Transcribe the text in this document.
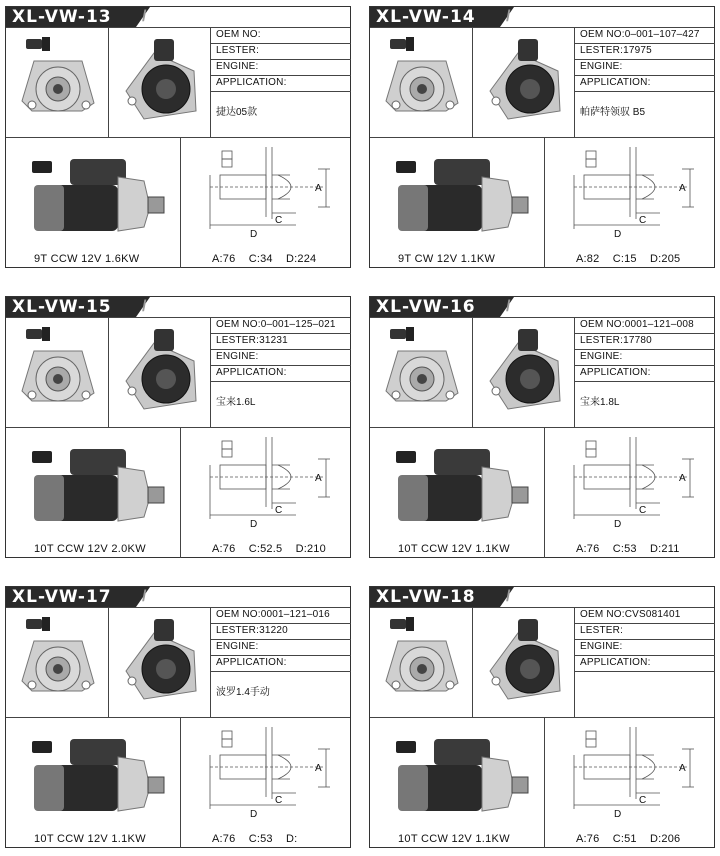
XL-VW-13 /
OEM NO:
LESTER:
ENGINE:
APPLICATION:
捷达05款
A
C
D
9T CCW 12V 1.6KW	A:76 C:34 D:224
XL-VW-14 /
OEM NO:0–001–107–427
LESTER:17975
ENGINE:
APPLICATION:
帕萨特领驭 B5
A
C
D
9T CW 12V 1.1KW	A:82 C:15 D:205
XL-VW-15 /
OEM NO:0–001–125–021
LESTER:31231
ENGINE:
APPLICATION:
宝来1.6L
A
C
D
10T CCW 12V 2.0KW	A:76 C:52.5 D:210
XL-VW-16 /
OEM NO:0001–121–008
LESTER:17780
ENGINE:
APPLICATION:
宝来1.8L
A
C
D
10T CCW 12V 1.1KW	A:76 C:53 D:211
XL-VW-17 /
OEM NO:0001–121–016
LESTER:31220
ENGINE:
APPLICATION:
波罗1.4手动
A
C
D
10T CCW 12V 1.1KW	A:76 C:53 D:
XL-VW-18 /
OEM NO:CVS081401
LESTER:
ENGINE:
APPLICATION:
A
C
D
10T CCW 12V 1.1KW	A:76 C:51 D:206
